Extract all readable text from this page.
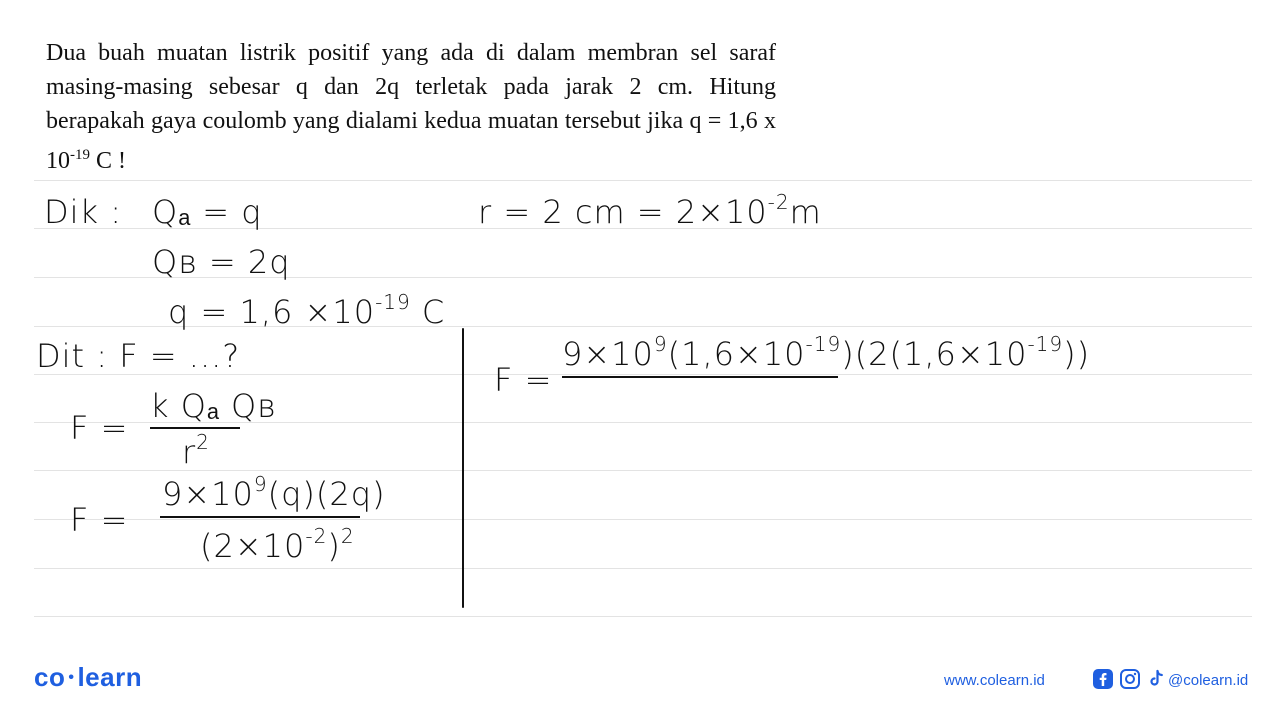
Dua buah muatan listrik positif yang ada di dalam membran sel saraf masing-masing sebesar q dan 2q terletak pada jarak 2 cm. Hitung berapakah gaya coulomb yang dialami kedua muatan tersebut jika q = 1,6 x $10^{-19}$ C !

Dik : Qₐ = q
Qʙ = 2q
$q = 1,6 \times 10^{-19}$ C
r = 2 cm = $2\times 10^{-2}m$
Dit : F = ...?
F =
k Qₐ Qʙ
$r^2$
F =
$9\times 10^9(q)(2q)$
$(2\times 10^{-2})^2$
F =
$9\times 10^9(1,6\times 10^{-19})(2(1,6\times 10^{-19}))$
co • learn	www.colearn.id	@colearn.id
